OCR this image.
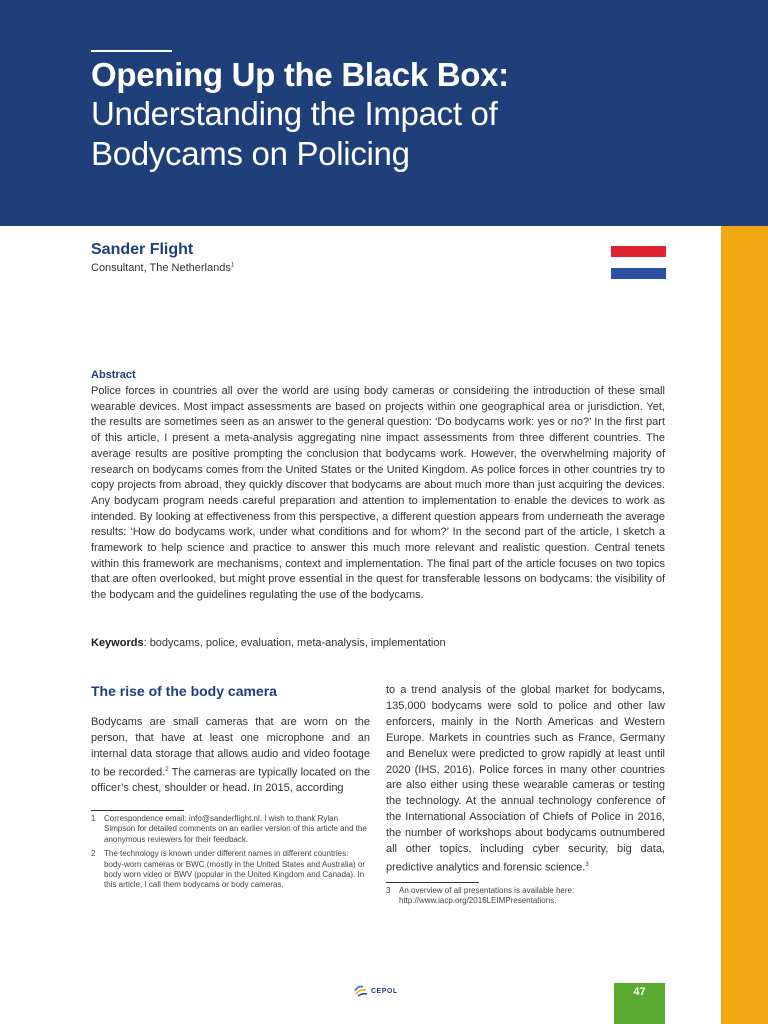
Opening Up the Black Box:
Understanding the Impact of Bodycams on Policing
Sander Flight
Consultant, The Netherlands$^1$
Abstract
Police forces in countries all over the world are using body cameras or considering the introduction of these small wearable devices. Most impact assessments are based on projects within one geographical area or jurisdiction. Yet, the results are sometimes seen as an answer to the general question: ‘Do bodycams work: yes or no?’ In the first part of this article, I present a meta-analysis aggregating nine impact assessments from three different countries. The average results are positive prompting the conclusion that bodycams work. However, the overwhelming majority of research on bodycams comes from the United States or the United Kingdom. As police forces in other countries try to copy projects from abroad, they quickly discover that bodycams are about much more than just acquiring the devices. Any bodycam program needs careful preparation and attention to implementation to enable the devices to work as intended. By looking at effectiveness from this perspective, a different question appears from underneath the average results: ‘How do bodycams work, under what conditions and for whom?’ In the second part of the article, I sketch a framework to help science and practice to answer this much more relevant and realistic question. Central tenets within this framework are mechanisms, context and implementation. The final part of the article focuses on two topics that are often overlooked, but might prove essential in the quest for transferable lessons on bodycams: the visibility of the bodycam and the guidelines regulating the use of the bodycams.
Keywords: bodycams, police, evaluation, meta-analysis, implementation
The rise of the body camera
Bodycams are small cameras that are worn on the person, that have at least one microphone and an internal data storage that allows audio and video footage to be recorded.$^2$ The cameras are typically located on the officer’s chest, shoulder or head. In 2015, according
to a trend analysis of the global market for bodycams, 135,000 bodycams were sold to police and other law enforcers, mainly in the North Americas and Western Europe. Markets in countries such as France, Germany and Benelux were predicted to grow rapidly at least until 2020 (IHS, 2016). Police forces in many other countries are also either using these wearable cameras or testing the technology. At the annual technology conference of the International Association of Chiefs of Police in 2016, the number of workshops about bodycams outnumbered all other topics, including cyber security, big data, predictive analytics and forensic science.$^3$
1 Correspondence email: info@sanderflight.nl. I wish to thank Rylan Simpson for detailed comments on an earlier version of this article and the anonymous reviewers for their feedback.
2 The technology is known under different names in different countries: body-worn cameras or BWC (mostly in the United States and Australia) or body worn video or BWV (popular in the United Kingdom and Canada). In this article, I call them bodycams or body cameras.
3 An overview of all presentations is available here: http://www.iacp.org/2016LEIMPresentations.
CEPOL	47
